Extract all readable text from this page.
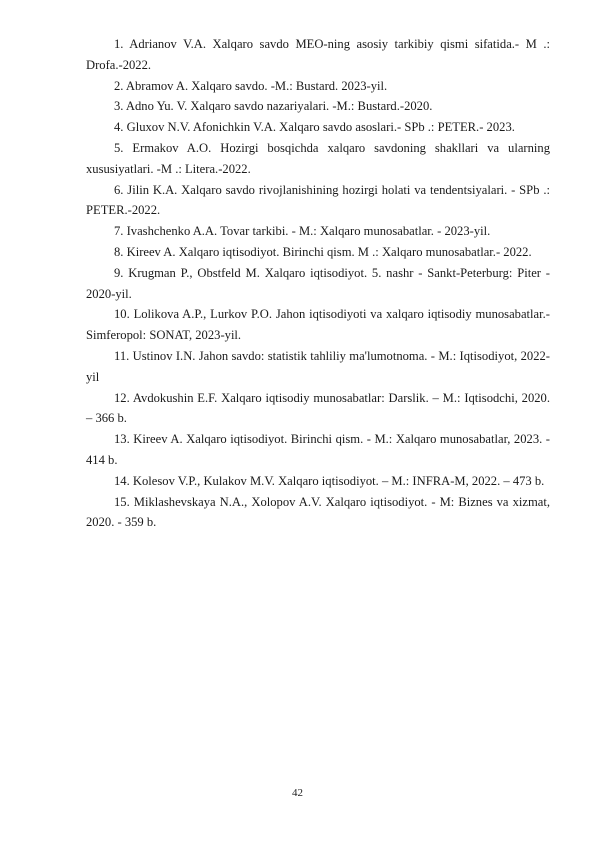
1. Adrianov V.A. Xalqaro savdo MEO-ning asosiy tarkibiy qismi sifatida.- M .: Drofa.-2022.

2. Abramov A. Xalqaro savdo. -M.: Bustard. 2023-yil.

3. Adno Yu. V. Xalqaro savdo nazariyalari. -M.: Bustard.-2020.

4. Gluxov N.V. Afonichkin V.A. Xalqaro savdo asoslari.- SPb .: PETER.- 2023.

5. Ermakov A.O. Hozirgi bosqichda xalqaro savdoning shakllari va ularning xususiyatlari. -M .: Litera.-2022.

6. Jilin K.A. Xalqaro savdo rivojlanishining hozirgi holati va tendentsiyalari. - SPb .: PETER.-2022.

7. Ivashchenko A.A. Tovar tarkibi. - M.: Xalqaro munosabatlar. - 2023-yil.

8. Kireev A. Xalqaro iqtisodiyot. Birinchi qism. M .: Xalqaro munosabatlar.- 2022.

9. Krugman P., Obstfeld M. Xalqaro iqtisodiyot. 5. nashr - Sankt-Peterburg: Piter - 2020-yil.

10. Lolikova A.P., Lurkov P.O. Jahon iqtisodiyoti va xalqaro iqtisodiy munosabatlar.- Simferopol: SONAT, 2023-yil.

11. Ustinov I.N. Jahon savdo: statistik tahliliy ma'lumotnoma. - M.: Iqtisodiyot, 2022-yil

12. Avdokushin E.F. Xalqaro iqtisodiy munosabatlar: Darslik. – M.: Iqtisodchi, 2020. – 366 b.

13. Kireev A. Xalqaro iqtisodiyot. Birinchi qism. - M.: Xalqaro munosabatlar, 2023. - 414 b.

14. Kolesov V.P., Kulakov M.V. Xalqaro iqtisodiyot. – M.: INFRA-M, 2022. – 473 b.

15. Miklashevskaya N.A., Xolopov A.V. Xalqaro iqtisodiyot. - M: Biznes va xizmat, 2020. - 359 b.

42
